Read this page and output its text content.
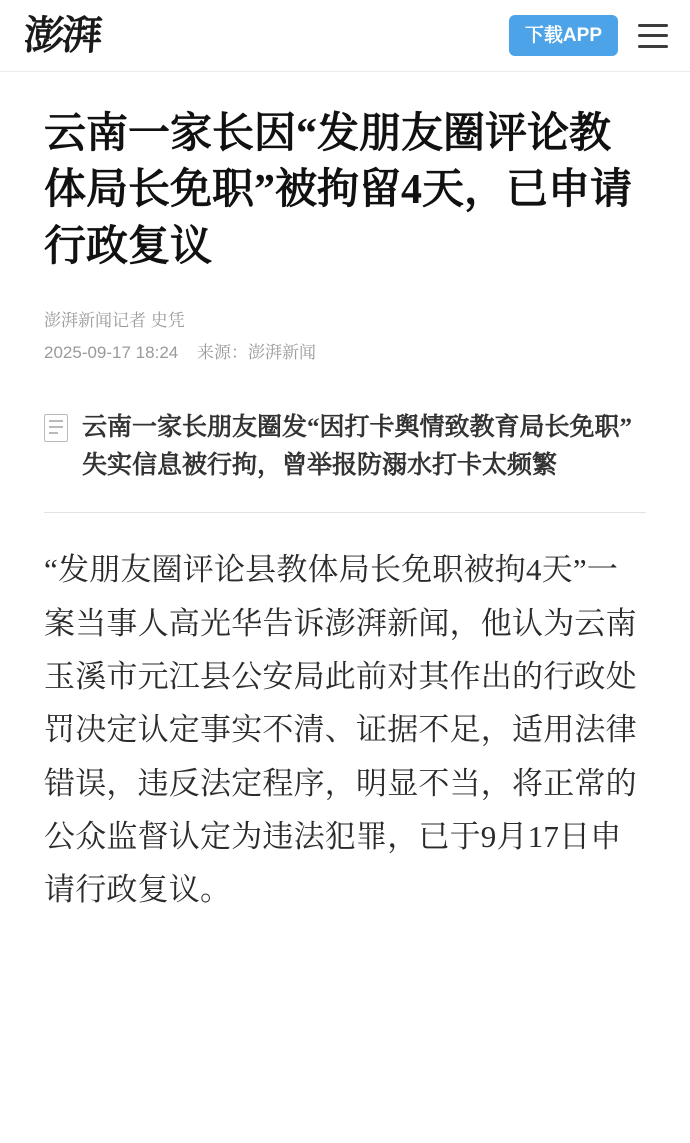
澎湃	下载APP
云南一家长因“发朋友圈评论教体局长免职”被拘留4天，已申请行政复议

澎湃新闻记者 史凭

2025-09-17 18:24 来源：澎湃新闻

云南一家长朋友圈发“因打卡舆情致教育局长免职”失实信息被行拘，曾举报防溺水打卡太频繁

“发朋友圈评论县教体局长免职被拘4天”一案当事人高光华告诉澎湃新闻，他认为云南玉溪市元江县公安局此前对其作出的行政处罚决定认定事实不清、证据不足，适用法律错误，违反法定程序，明显不当，将正常的公众监督认定为违法犯罪，已于9月17日申请行政复议。
